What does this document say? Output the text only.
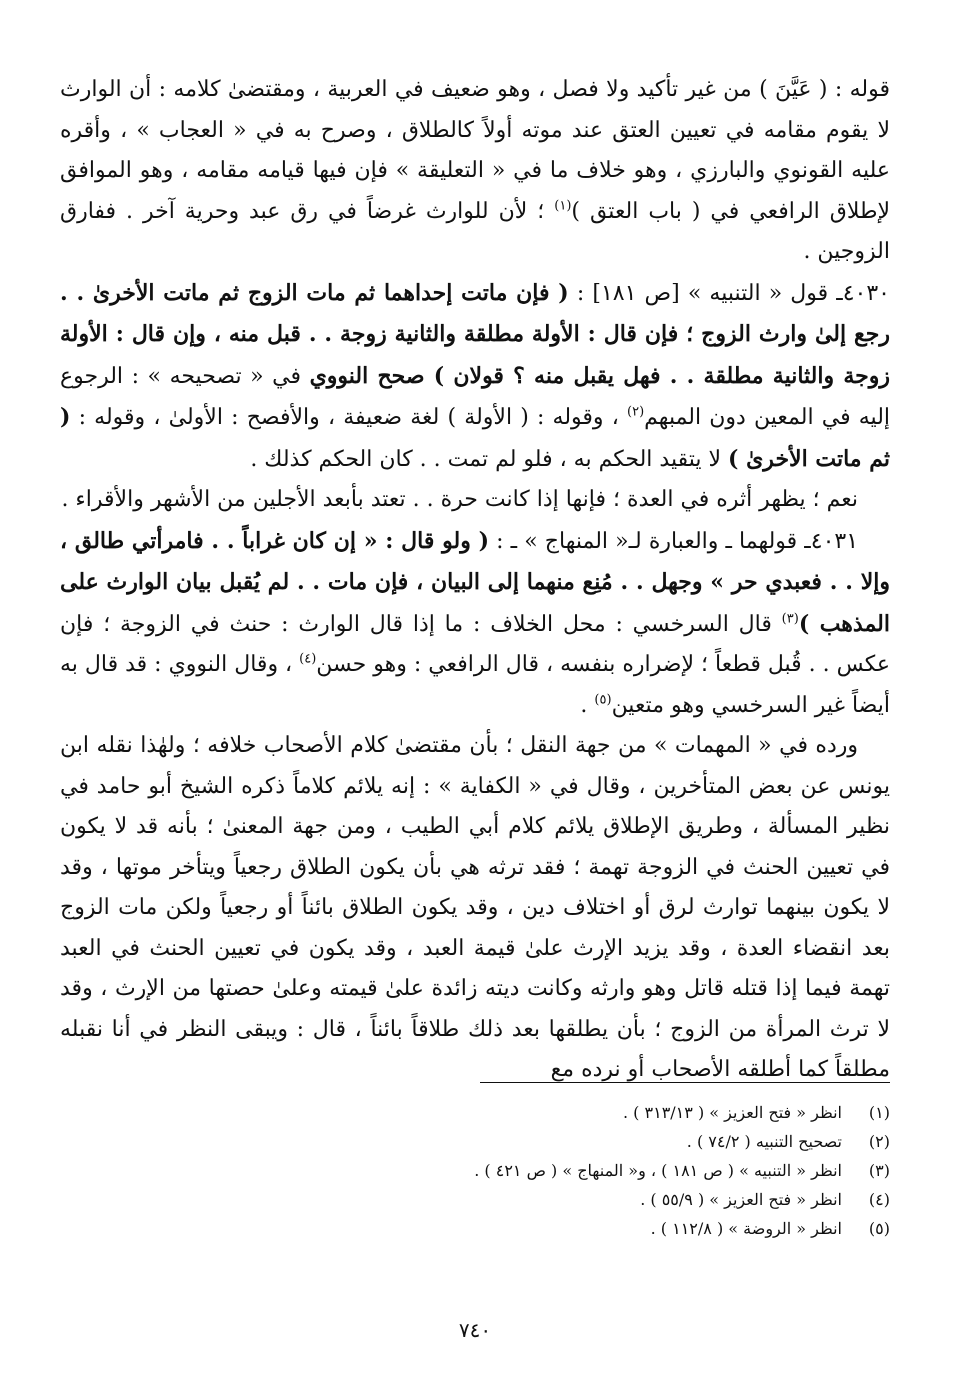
قوله : ( عَيَّنَ ) من غير تأكيد ولا فصل ، وهو ضعيف في العربية ، ومقتضىٰ كلامه : أن الوارث لا يقوم مقامه في تعيين العتق عند موته أولاً كالطلاق ، وصرح به في « العجاب » ، وأقره عليه القونوي والبارزي ، وهو خلاف ما في « التعليقة » فإن فيها قيامه مقامه ، وهو الموافق لإطلاق الرافعي في ( باب العتق )$^{(١)}$ ؛ لأن للوارث غرضاً في رق عبد وحرية آخر . ففارق الزوجين .

٤٠٣٠ـ قول « التنبيه » [ص ١٨١] : ( فإن ماتت إحداهما ثم مات الزوج ثم ماتت الأخرىٰ . . رجع إلىٰ وارث الزوج ؛ فإن قال : الأولة مطلقة والثانية زوجة . . قبل منه ، وإن قال : الأولة زوجة والثانية مطلقة . . فهل يقبل منه ؟ قولان ) صحح النووي في « تصحيحه » : الرجوع إليه في المعين دون المبهم$^{(٢)}$ ، وقوله : ( الأولة ) لغة ضعيفة ، والأفصح : الأولىٰ ، وقوله : ( ثم ماتت الأخرىٰ ) لا يتقيد الحكم به ، فلو لم تمت . . كان الحكم كذلك .

نعم ؛ يظهر أثره في العدة ؛ فإنها إذا كانت حرة . . تعتد بأبعد الأجلين من الأشهر والأقراء .

٤٠٣١ـ قولهما ـ والعبارة لـ« المنهاج » ـ : ( ولو قال : « إن كان غراباً . . فامرأتي طالق ، وإلا . . فعبدي حر » وجهل . . مُنِع منهما إلى البيان ، فإن مات . . لم يُقبل بيان الوارث على المذهب )$^{(٣)}$ قال السرخسي : محل الخلاف : ما إذا قال الوارث : حنث في الزوجة ؛ فإن عكس . . قُبل قطعاً ؛ لإضراره بنفسه ، قال الرافعي : وهو حسن$^{(٤)}$ ، وقال النووي : قد قال به أيضاً غير السرخسي وهو متعين$^{(٥)}$ .

ورده في « المهمات » من جهة النقل ؛ بأن مقتضىٰ كلام الأصحاب خلافه ؛ ولهٰذا نقله ابن يونس عن بعض المتأخرين ، وقال في « الكفاية » : إنه يلائم كلاماً ذكره الشيخ أبو حامد في نظير المسألة ، وطريق الإطلاق يلائم كلام أبي الطيب ، ومن جهة المعنىٰ ؛ بأنه قد لا يكون في تعيين الحنث في الزوجة تهمة ؛ فقد ترثه هي بأن يكون الطلاق رجعياً ويتأخر موتها ، وقد لا يكون بينهما توارث لرق أو اختلاف دين ، وقد يكون الطلاق بائناً أو رجعياً ولكن مات الزوج بعد انقضاء العدة ، وقد يزيد الإرث علىٰ قيمة العبد ، وقد يكون في تعيين الحنث في العبد تهمة فيما إذا قتله قاتل وهو وارثه وكانت ديته زائدة علىٰ قيمته وعلىٰ حصتها من الإرث ، وقد لا ترث المرأة من الزوج ؛ بأن يطلقها بعد ذلك طلاقاً بائناً ، قال : ويبقى النظر في أنا نقبله مطلقاً كما أطلقه الأصحاب أو نرده مع

(١)
انظر « فتح العزيز » ( ٣١٣/١٣ ) .
(٢)
تصحيح التنبيه ( ٧٤/٢ ) .
(٣)
انظر « التنبيه » ( ص ١٨١ ) ، و« المنهاج » ( ص ٤٢١ ) .
(٤)
انظر « فتح العزيز » ( ٥٥/٩ ) .
(٥)
انظر « الروضة » ( ١١٢/٨ ) .
٧٤٠
